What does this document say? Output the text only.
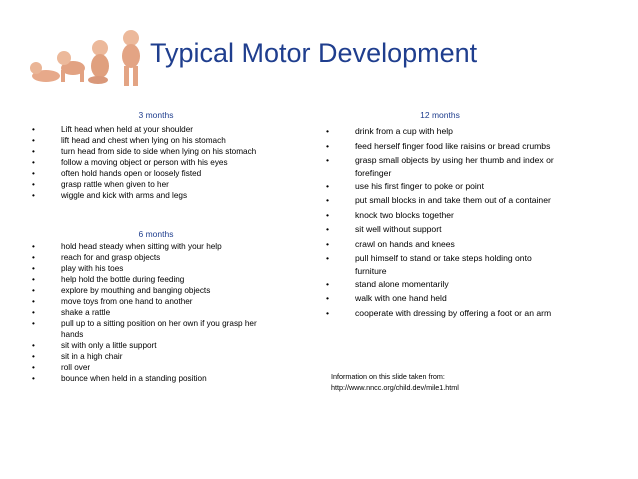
Typical Motor Development
3 months
•	Lift head when held at your shoulder
•	lift head and chest when lying on his stomach
•	turn head from side to side when lying on his stomach
•	follow a moving object or person with his eyes
•	often hold hands open or loosely fisted
•	grasp rattle when given to her
•	wiggle and kick with arms and legs
6 months
•	hold head steady when sitting with your help
•	reach for and grasp objects
•	play with his toes
•	help hold the bottle during feeding
•	explore by mouthing and banging objects
•	move toys from one hand to another
•	shake a rattle
•	pull up to a sitting position on her own if you grasp her
hands
•	sit with only a little support
•	sit in a high chair
•	roll over
•	bounce when held in a standing position
12 months
•	drink from a cup with help
•	feed herself finger food like raisins or bread crumbs
•	grasp small objects by using her thumb and index or
forefinger
•	use his first finger to poke or point
•	put small blocks in and take them out of a container
•	knock two blocks together
•	sit well without support
•	crawl on hands and knees
•	pull himself to stand or take steps holding onto
furniture
•	stand alone momentarily
•	walk with one hand held
•	cooperate with dressing by offering a foot or an arm
Information on this slide taken from:
http://www.nncc.org/child.dev/mile1.html
